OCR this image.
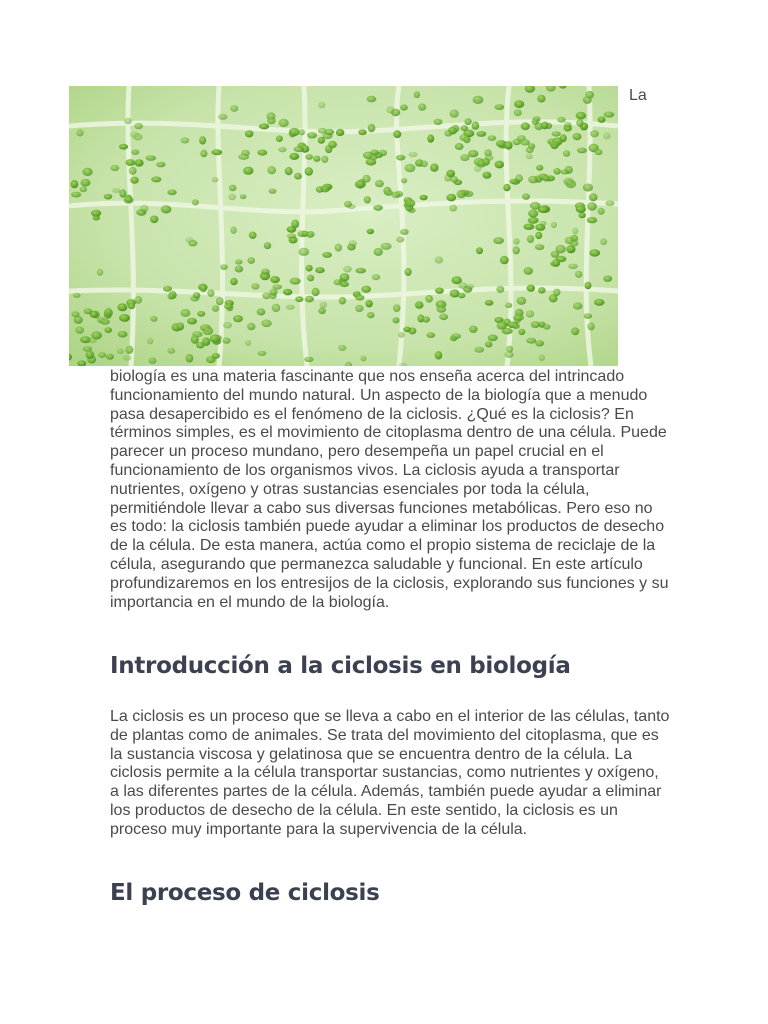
La

biología es una materia fascinante que nos enseña acerca del intrincado funcionamiento del mundo natural. Un aspecto de la biología que a menudo pasa desapercibido es el fenómeno de la ciclosis. ¿Qué es la ciclosis? En términos simples, es el movimiento de citoplasma dentro de una célula. Puede parecer un proceso mundano, pero desempeña un papel crucial en el funcionamiento de los organismos vivos. La ciclosis ayuda a transportar nutrientes, oxígeno y otras sustancias esenciales por toda la célula, permitiéndole llevar a cabo sus diversas funciones metabólicas. Pero eso no es todo: la ciclosis también puede ayudar a eliminar los productos de desecho de la célula. De esta manera, actúa como el propio sistema de reciclaje de la célula, asegurando que permanezca saludable y funcional. En este artículo profundizaremos en los entresijos de la ciclosis, explorando sus funciones y su importancia en el mundo de la biología.

Introducción a la ciclosis en biología

La ciclosis es un proceso que se lleva a cabo en el interior de las células, tanto de plantas como de animales. Se trata del movimiento del citoplasma, que es la sustancia viscosa y gelatinosa que se encuentra dentro de la célula. La ciclosis permite a la célula transportar sustancias, como nutrientes y oxígeno, a las diferentes partes de la célula. Además, también puede ayudar a eliminar los productos de desecho de la célula. En este sentido, la ciclosis es un proceso muy importante para la supervivencia de la célula.

El proceso de ciclosis
